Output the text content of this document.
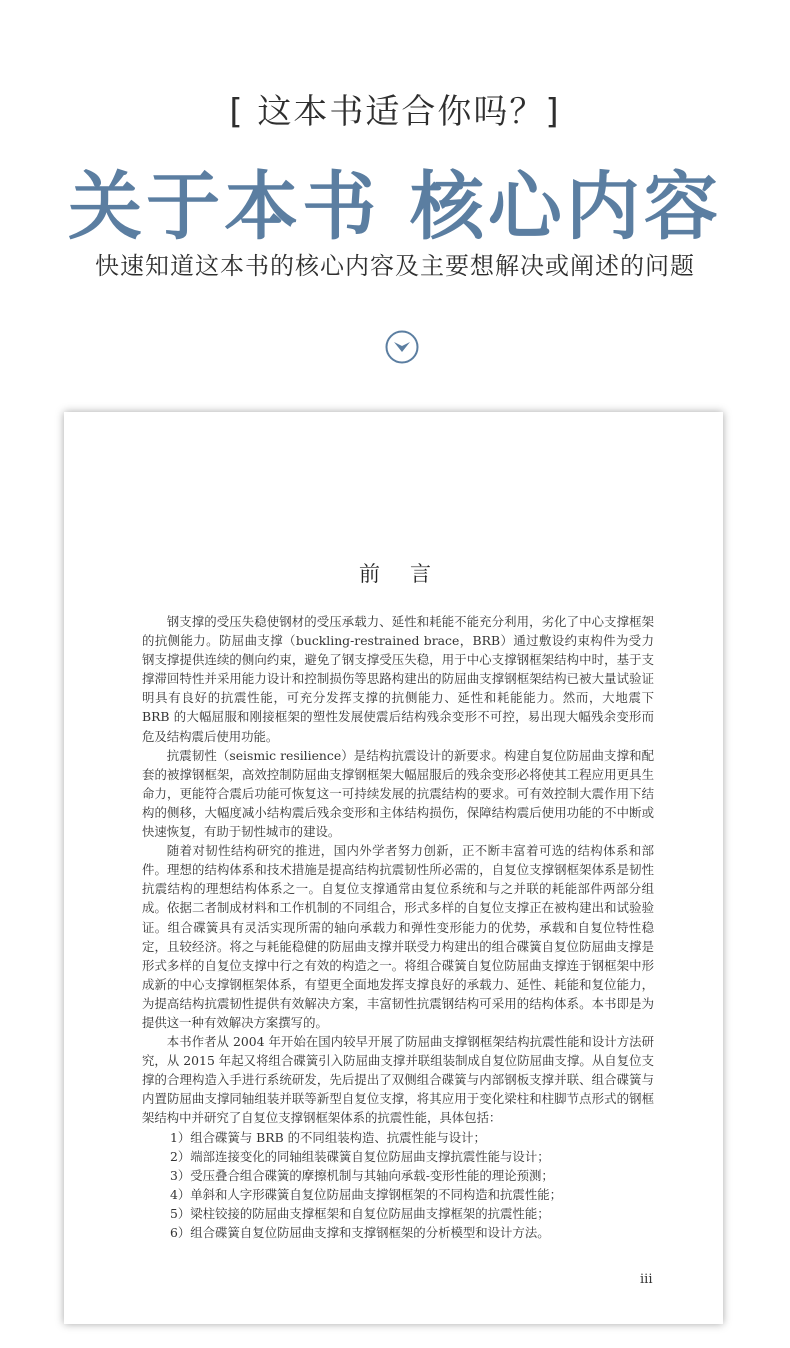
[ 这本书适合你吗？]
关于本书 核心内容
快速知道这本书的核心内容及主要想解决或阐述的问题
前言

钢支撑的受压失稳使钢材的受压承载力、延性和耗能不能充分利用，劣化了中心支撑框架的抗侧能力。防屈曲支撑（buckling-restrained brace，BRB）通过敷设约束构件为受力钢支撑提供连续的侧向约束，避免了钢支撑受压失稳，用于中心支撑钢框架结构中时，基于支撑滞回特性并采用能力设计和控制损伤等思路构建出的防屈曲支撑钢框架结构已被大量试验证明具有良好的抗震性能，可充分发挥支撑的抗侧能力、延性和耗能能力。然而，大地震下 BRB 的大幅屈服和刚接框架的塑性发展使震后结构残余变形不可控，易出现大幅残余变形而危及结构震后使用功能。

抗震韧性（seismic resilience）是结构抗震设计的新要求。构建自复位防屈曲支撑和配套的被撑钢框架，高效控制防屈曲支撑钢框架大幅屈服后的残余变形必将使其工程应用更具生命力，更能符合震后功能可恢复这一可持续发展的抗震结构的要求。可有效控制大震作用下结构的侧移，大幅度减小结构震后残余变形和主体结构损伤，保障结构震后使用功能的不中断或快速恢复，有助于韧性城市的建设。

随着对韧性结构研究的推进，国内外学者努力创新，正不断丰富着可选的结构体系和部件。理想的结构体系和技术措施是提高结构抗震韧性所必需的，自复位支撑钢框架体系是韧性抗震结构的理想结构体系之一。自复位支撑通常由复位系统和与之并联的耗能部件两部分组成。依据二者制成材料和工作机制的不同组合，形式多样的自复位支撑正在被构建出和试验验证。组合碟簧具有灵活实现所需的轴向承载力和弹性变形能力的优势，承载和自复位特性稳定，且较经济。将之与耗能稳健的防屈曲支撑并联受力构建出的组合碟簧自复位防屈曲支撑是形式多样的自复位支撑中行之有效的构造之一。将组合碟簧自复位防屈曲支撑连于钢框架中形成新的中心支撑钢框架体系，有望更全面地发挥支撑良好的承载力、延性、耗能和复位能力，为提高结构抗震韧性提供有效解决方案，丰富韧性抗震钢结构可采用的结构体系。本书即是为提供这一种有效解决方案撰写的。

本书作者从 2004 年开始在国内较早开展了防屈曲支撑钢框架结构抗震性能和设计方法研究，从 2015 年起又将组合碟簧引入防屈曲支撑并联组装制成自复位防屈曲支撑。从自复位支撑的合理构造入手进行系统研发，先后提出了双侧组合碟簧与内部钢板支撑并联、组合碟簧与内置防屈曲支撑同轴组装并联等新型自复位支撑，将其应用于变化梁柱和柱脚节点形式的钢框架结构中并研究了自复位支撑钢框架体系的抗震性能，具体包括：

1）组合碟簧与 BRB 的不同组装构造、抗震性能与设计；
2）端部连接变化的同轴组装碟簧自复位防屈曲支撑抗震性能与设计；
3）受压叠合组合碟簧的摩擦机制与其轴向承载-变形性能的理论预测；
4）单斜和人字形碟簧自复位防屈曲支撑钢框架的不同构造和抗震性能；
5）梁柱铰接的防屈曲支撑框架和自复位防屈曲支撑框架的抗震性能；
6）组合碟簧自复位防屈曲支撑和支撑钢框架的分析模型和设计方法。
iii
